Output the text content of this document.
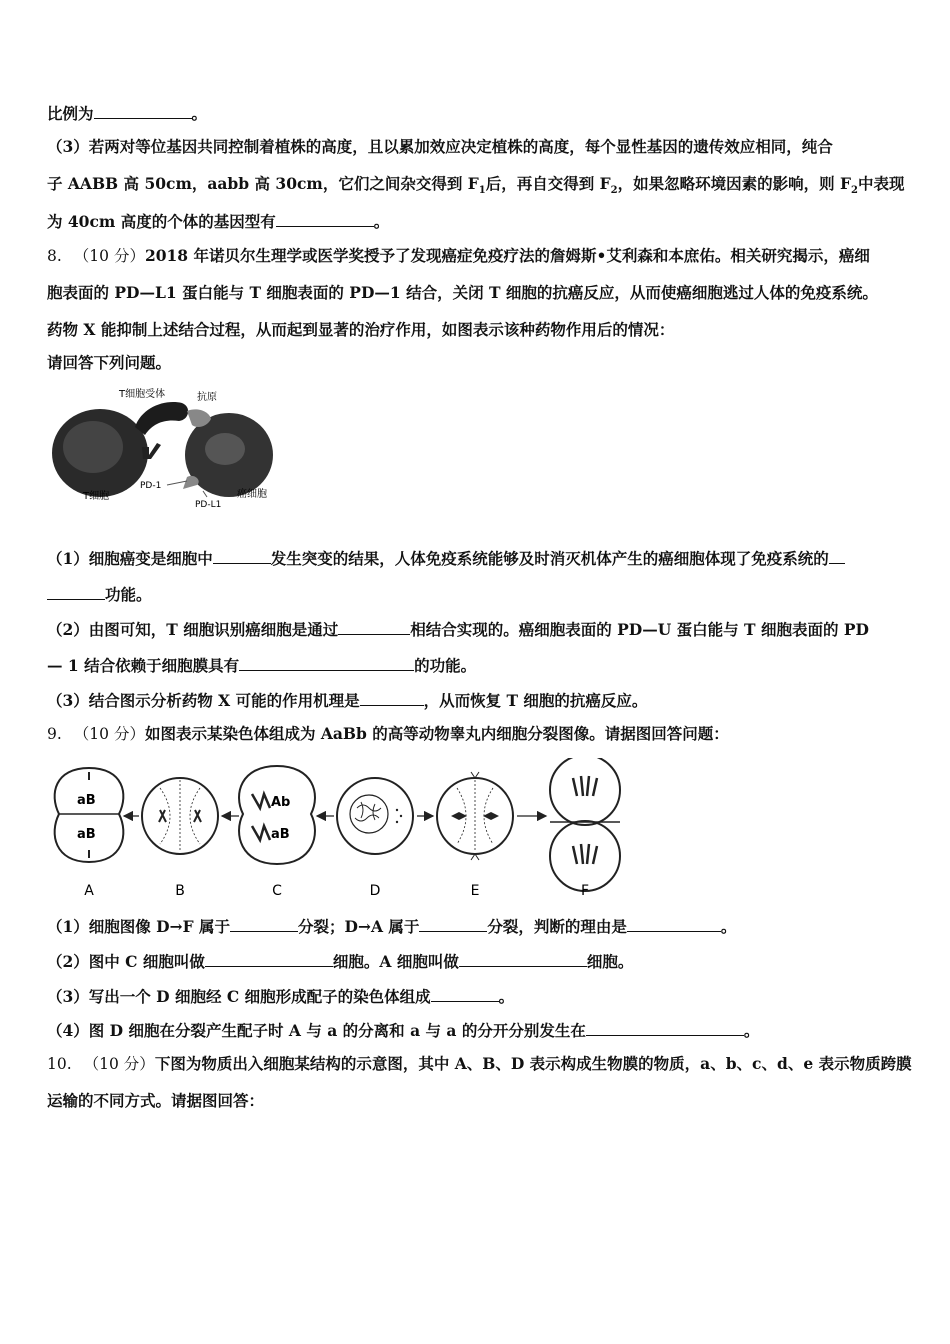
比例为	。
（3）若两对等位基因共同控制着植株的高度，且以累加效应决定植株的高度，每个显性基因的遗传效应相同，纯合
子 AABB 高 50cm，aabb 高 30cm，它们之间杂交得到 $F_1$后，再自交得到 $F_2$，如果忽略环境因素的影响，则 $F_2$中表现
为 40cm 高度的个体的基因型有	。
8. （10 分）2018 年诺贝尔生理学或医学奖授予了发现癌症免疫疗法的詹姆斯•艾利森和本庶佑。相关研究揭示，癌细
胞表面的 PD—L1 蛋白能与 T 细胞表面的 PD—1 结合，关闭 T 细胞的抗癌反应，从而使癌细胞逃过人体的免疫系统。
药物 X 能抑制上述结合过程，从而起到显著的治疗作用，如图表示该种药物作用后的情况：
请回答下列问题。
T细胞受体	抗原
PD-1
T细胞
PD-L1
癌细胞
（1）细胞癌变是细胞中	发生突变的结果，人体免疫系统能够及时消灭机体产生的癌细胞体现了免疫系统的
功能。
（2）由图可知，T 细胞识别癌细胞是通过	相结合实现的。癌细胞表面的 PD—U 蛋白能与 T 细胞表面的 PD
— 1 结合依赖于细胞膜具有	的功能。
（3）结合图示分析药物 X 可能的作用机理是	，从而恢复 T 细胞的抗癌反应。
9. （10 分）如图表示某染色体组成为 AaBb 的高等动物睾丸内细胞分裂图像。请据图回答问题：
aB
aB
Ab
aB
A	B	C	D	E	F
（1）细胞图像 D→F 属于	分裂；D→A 属于	分裂，判断的理由是	。
（2）图中 C 细胞叫做	细胞。A 细胞叫做	细胞。
（3）写出一个 D 细胞经 C 细胞形成配子的染色体组成	。
（4）图 D 细胞在分裂产生配子时 A 与 a 的分离和 a 与 a 的分开分别发生在	。
10. （10 分）下图为物质出入细胞某结构的示意图，其中 A、B、D 表示构成生物膜的物质，a、b、c、d、e 表示物质跨膜
运输的不同方式。请据图回答：
